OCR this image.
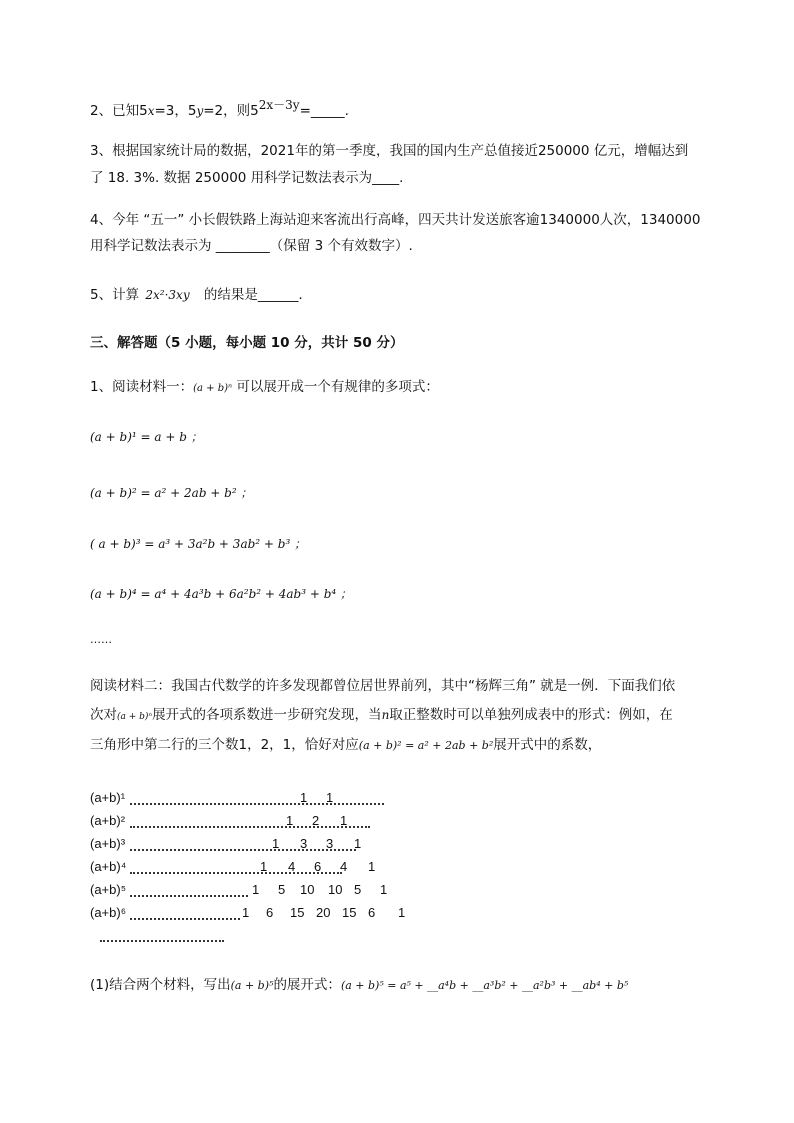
2、已知5x=3，5y=2，则$5^{2x-3y}=\_\_\_\_\_$.
3、根据国家统计局的数据，2021年的第一季度，我国的国内生产总值接近250000 亿元，增幅达到
了 18. 3%. 数据 250000 用科学记数法表示为____.
4、今年 “五一” 小长假铁路上海站迎来客流出行高峰，四天共计发送旅客逾1340000人次，1340000
用科学记数法表示为 ________（保留 3 个有效数字）.
5、计算 2x²·3xy 的结果是______.
三、解答题（5 小题，每小题 10 分，共计 50 分）
1、阅读材料一：(a + b)ⁿ 可以展开成一个有规律的多项式：
(a + b)¹ = a + b ；
(a + b)² = a² + 2ab + b² ；
( a + b)³ = a³ + 3a²b + 3ab² + b³ ；
(a + b)⁴ = a⁴ + 4a³b + 6a²b² + 4ab³ + b⁴ ；
……
阅读材料二：我国古代数学的许多发现都曾位居世界前列，其中“杨辉三角” 就是一例．下面我们依
次对(a + b)ⁿ展开式的各项系数进一步研究发现，当n取正整数时可以单独列成表中的形式：例如，在
三角形中第二行的三个数1，2，1，恰好对应(a + b)² = a² + 2ab + b²展开式中的系数，
(a+b)¹	1 1
(a+b)²	1 2 1
(a+b)³	1 3 3 1
(a+b)⁴	1 4 6 4 1
(a+b)⁵	1 5 10 10 5 1
(a+b)⁶	1 6 15 20 15 6 1
(1)结合两个材料，写出(a + b)⁵的展开式：(a + b)⁵ = a⁵ + __a⁴b + __a³b² + __a²b³ + __ab⁴ + b⁵
